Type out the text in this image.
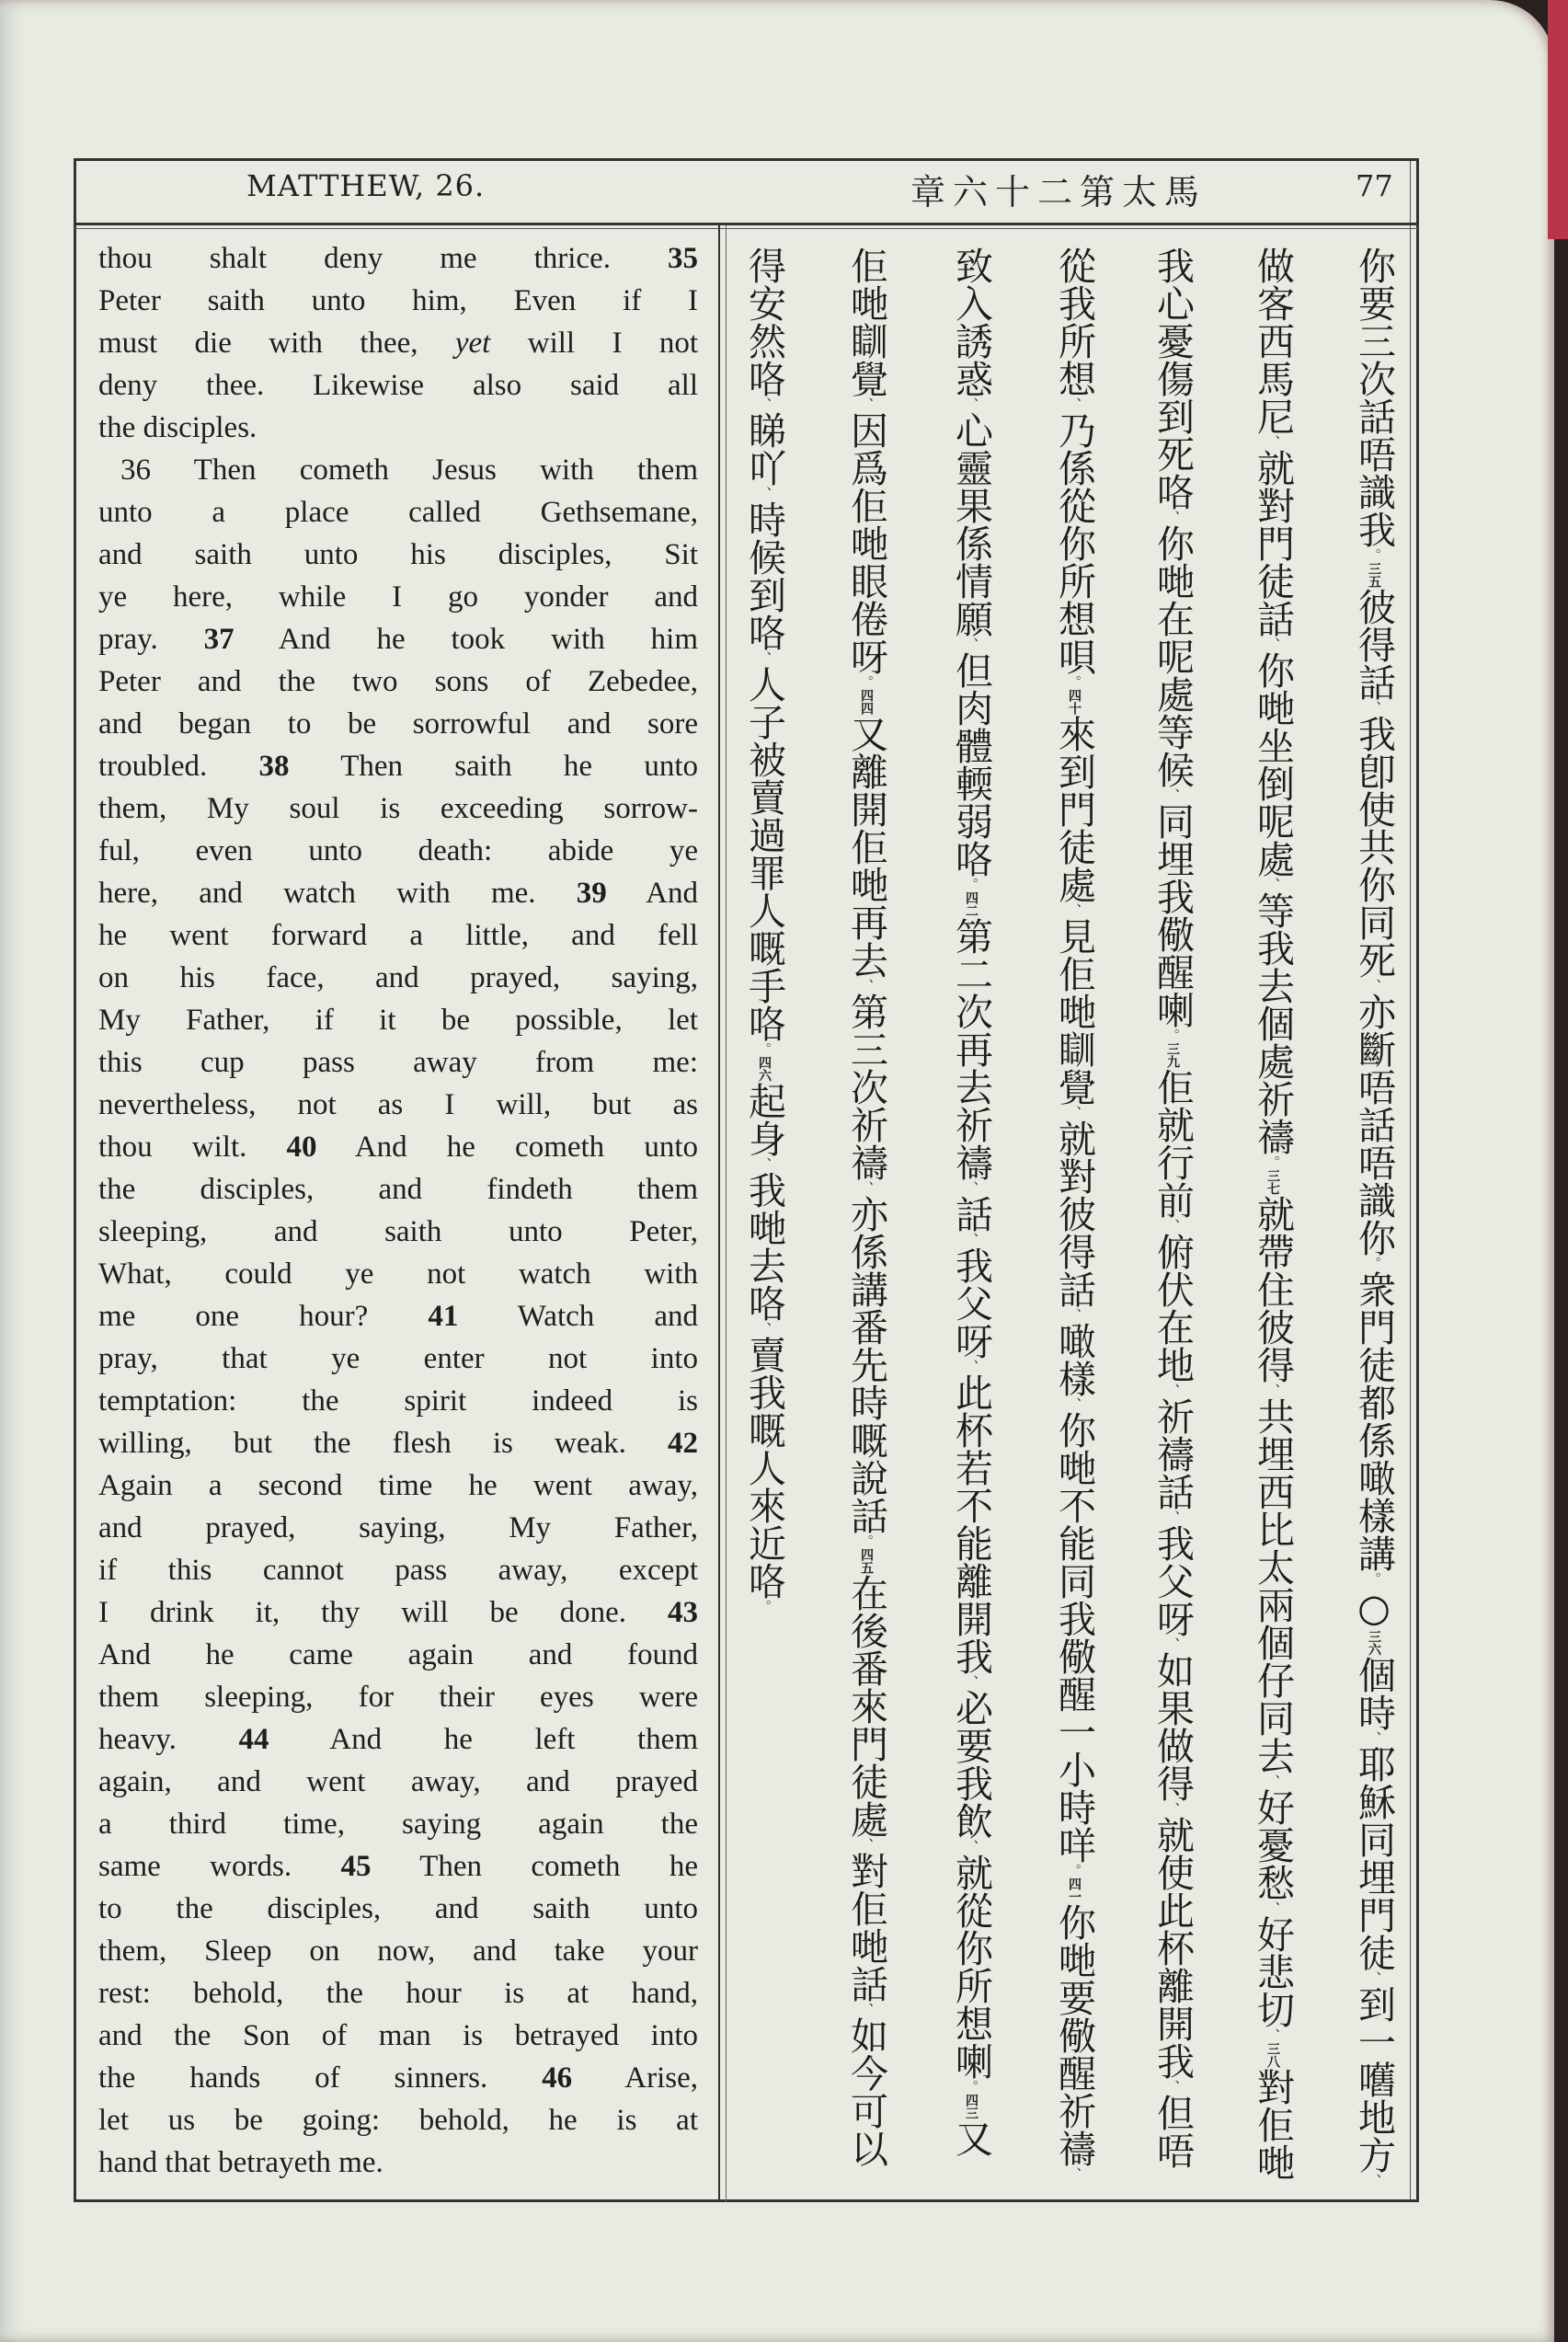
MATTHEW, 26.	章六十二第太馬	77
thou shalt deny me thrice. 35
Peter saith unto him, Even if I
must die with thee, yet will I not
deny thee. Likewise also said all
the disciples.
36 Then cometh Jesus with them
unto a place called Gethsemane,
and saith unto his disciples, Sit
ye here, while I go yonder and
pray. 37 And he took with him
Peter and the two sons of Zebedee,
and began to be sorrowful and sore
troubled. 38 Then saith he unto
them, My soul is exceeding sorrow-
ful, even unto death: abide ye
here, and watch with me. 39 And
he went forward a little, and fell
on his face, and prayed, saying,
My Father, if it be possible, let
this cup pass away from me:
nevertheless, not as I will, but as
thou wilt. 40 And he cometh unto
the disciples, and findeth them
sleeping, and saith unto Peter,
What, could ye not watch with
me one hour? 41 Watch and
pray, that ye enter not into
temptation: the spirit indeed is
willing, but the flesh is weak. 42
Again a second time he went away,
and prayed, saying, My Father,
if this cannot pass away, except
I drink it, thy will be done. 43
And he came again and found
them sleeping, for their eyes were
heavy. 44 And he left them
again, and went away, and prayed
a third time, saying again the
same words. 45 Then cometh he
to the disciples, and saith unto
them, Sleep on now, and take your
rest: behold, the hour is at hand,
and the Son of man is betrayed into
the hands of sinners. 46 Arise,
let us be going: behold, he is at
hand that betrayeth me.
你要三次話唔識我。三五彼得話、我卽使共你同死、亦斷唔話唔識你。衆門徒都係噉樣講。○三六個時、耶穌同埋門徒、到一嚿地方、
做客西馬尼、就對門徒話、你哋坐倒呢處、等我去個處祈禱。三七就帶住彼得、共埋西比太兩個仔同去、好憂愁、好悲切、三八對佢哋
我心憂傷到死咯、你哋在呢處等候、同埋我儆醒喇。三九佢就行前、俯伏在地、祈禱話、我父呀、如果做得、就使此杯離開我、但唔
從我所想、乃係從你所想唄。四十來到門徒處、見佢哋瞓覺、就對彼得話、噉樣、你哋不能同我儆醒一小時咩。四一你哋要儆醒祈禱、
致入誘惑、心靈果係情願、但肉體輭弱咯。四二第二次再去祈禱、話、我父呀、此杯若不能離開我、必要我飲、就從你所想喇。四三又
佢哋瞓覺、因爲佢哋眼倦呀。四四又離開佢哋再去、第三次祈禱、亦係講番先時嘅說話。四五在後番來門徒處、對佢哋話、如今可以
得安然咯、睇吖、時候到咯、人子被賣過罪人嘅手咯。四六起身、我哋去咯、賣我嘅人來近咯。
